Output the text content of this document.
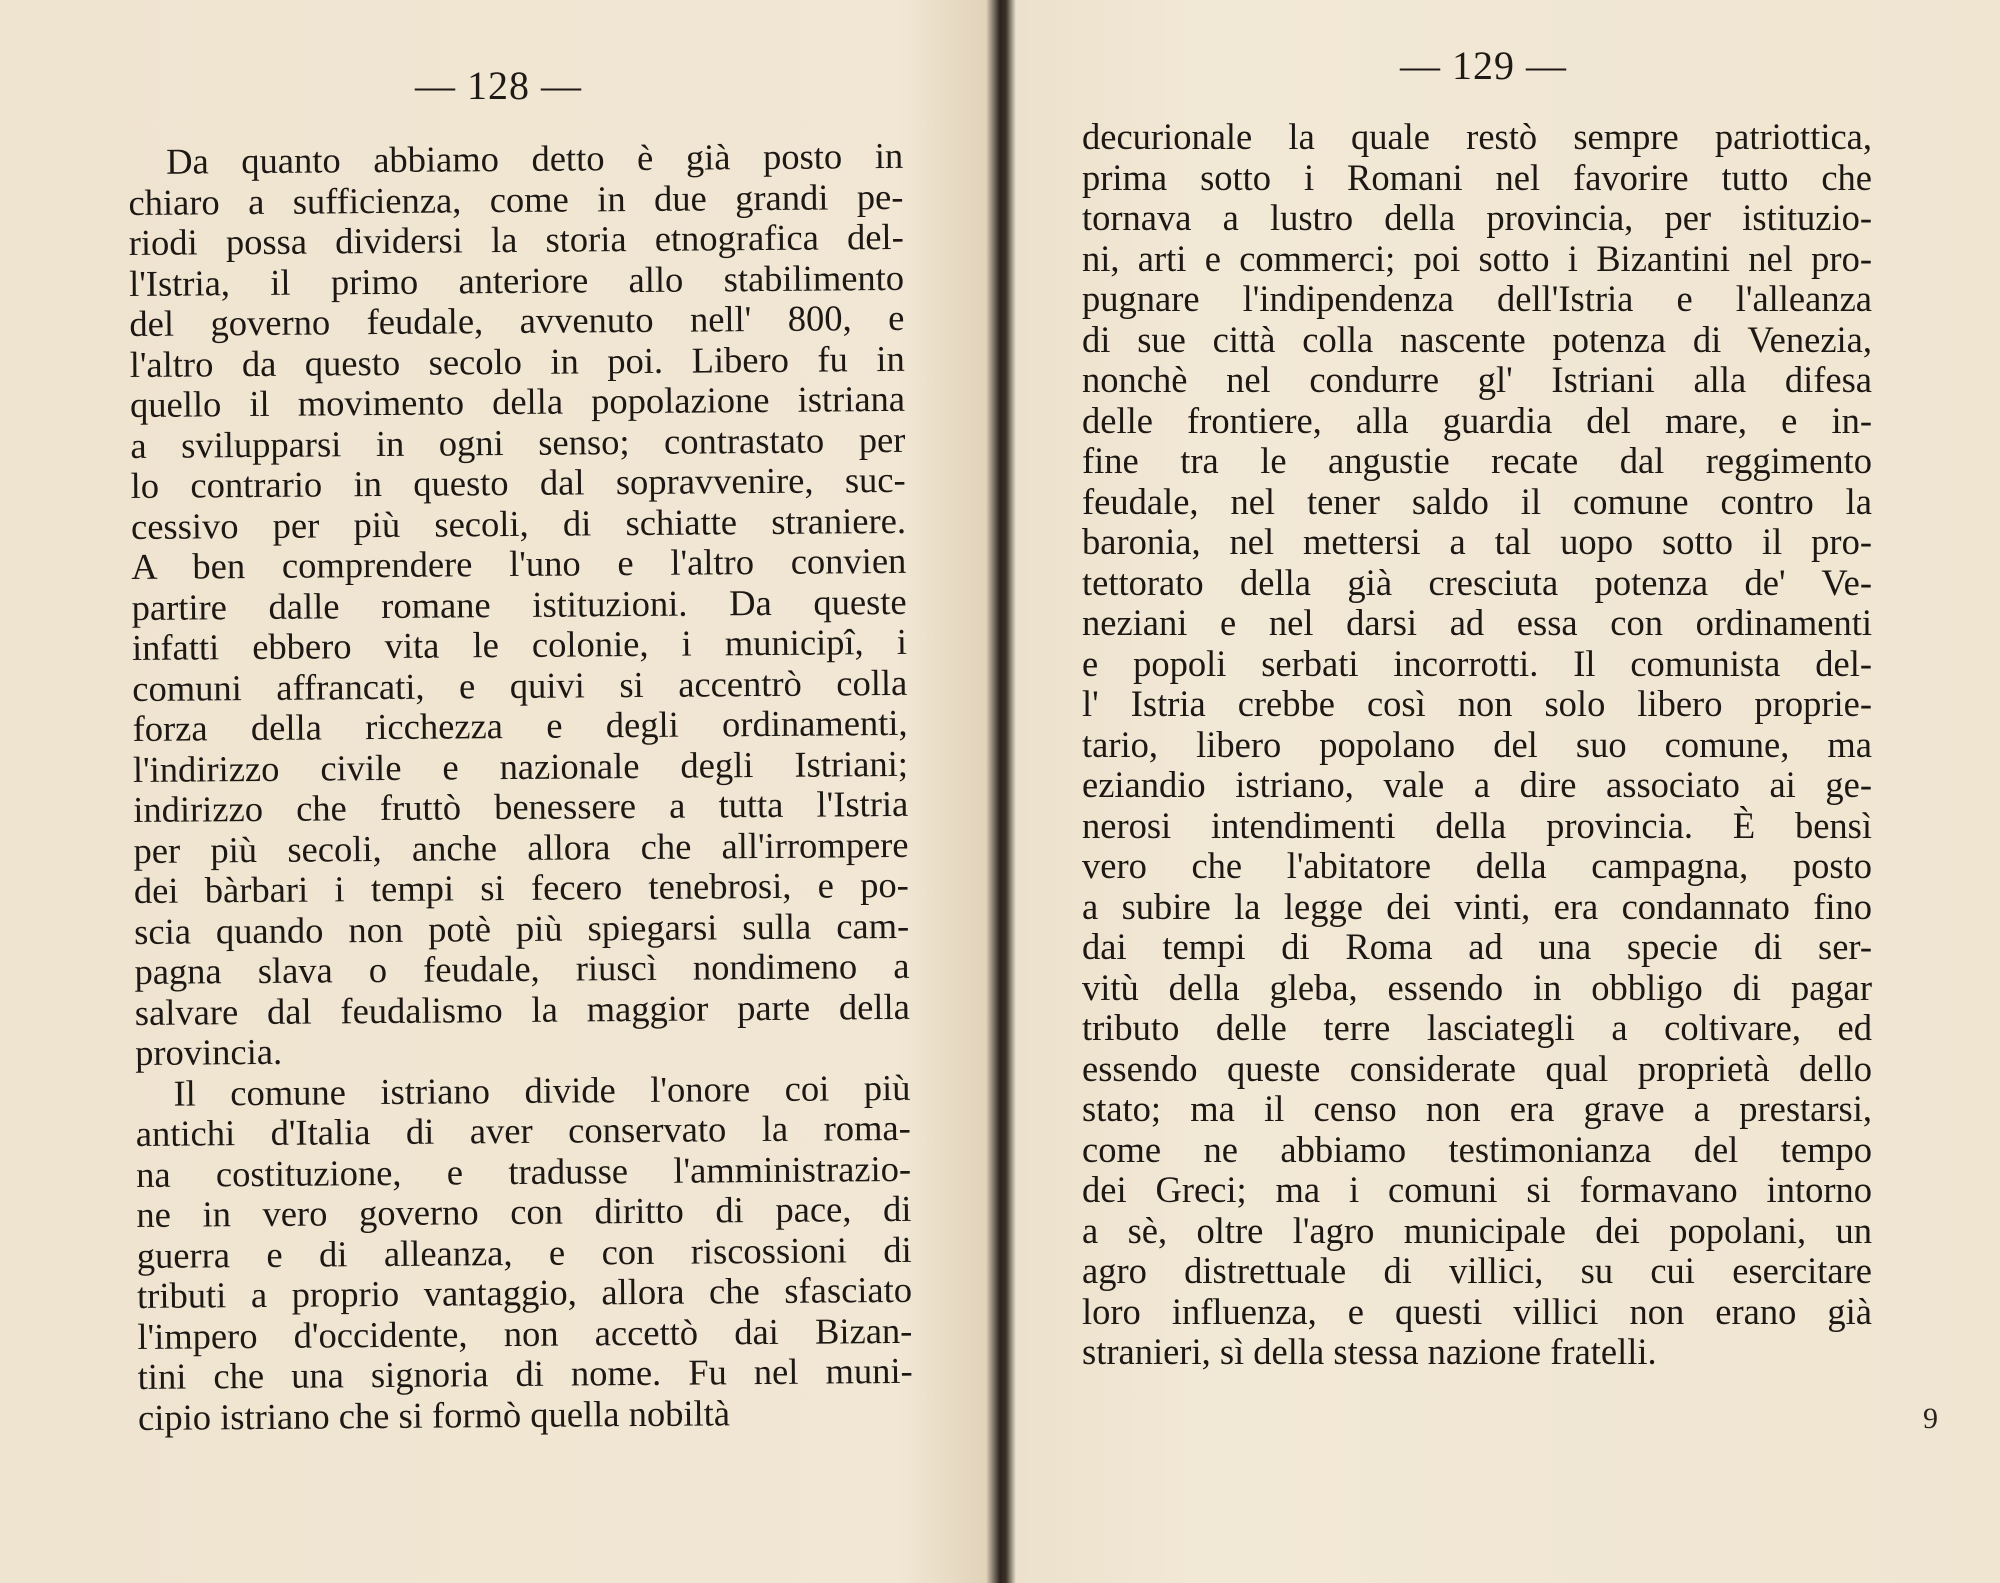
— 128 —
Da quanto abbiamo detto è già posto in
chiaro a sufficienza, come in due grandi pe-
riodi possa dividersi la storia etnografica del-
l'Istria, il primo anteriore allo stabilimento
del governo feudale, avvenuto nell' 800, e
l'altro da questo secolo in poi. Libero fu in
quello il movimento della popolazione istriana
a svilupparsi in ogni senso; contrastato per
lo contrario in questo dal sopravvenire, suc-
cessivo per più secoli, di schiatte straniere.
A ben comprendere l'uno e l'altro convien
partire dalle romane istituzioni. Da queste
infatti ebbero vita le colonie, i municipî, i
comuni affrancati, e quivi si accentrò colla
forza della ricchezza e degli ordinamenti,
l'indirizzo civile e nazionale degli Istriani;
indirizzo che fruttò benessere a tutta l'Istria
per più secoli, anche allora che all'irrompere
dei bàrbari i tempi si fecero tenebrosi, e po-
scia quando non potè più spiegarsi sulla cam-
pagna slava o feudale, riuscì nondimeno a
salvare dal feudalismo la maggior parte della
provincia.
Il comune istriano divide l'onore coi più
antichi d'Italia di aver conservato la roma-
na costituzione, e tradusse l'amministrazio-
ne in vero governo con diritto di pace, di
guerra e di alleanza, e con riscossioni di
tributi a proprio vantaggio, allora che sfasciato
l'impero d'occidente, non accettò dai Bizan-
tini che una signoria di nome. Fu nel muni-
cipio istriano che si formò quella nobiltà
— 129 —
decurionale la quale restò sempre patriottica,
prima sotto i Romani nel favorire tutto che
tornava a lustro della provincia, per istituzio-
ni, arti e commerci; poi sotto i Bizantini nel pro-
pugnare l'indipendenza dell'Istria e l'alleanza
di sue città colla nascente potenza di Venezia,
nonchè nel condurre gl' Istriani alla difesa
delle frontiere, alla guardia del mare, e in-
fine tra le angustie recate dal reggimento
feudale, nel tener saldo il comune contro la
baronia, nel mettersi a tal uopo sotto il pro-
tettorato della già cresciuta potenza de' Ve-
neziani e nel darsi ad essa con ordinamenti
e popoli serbati incorrotti. Il comunista del-
l' Istria crebbe così non solo libero proprie-
tario, libero popolano del suo comune, ma
eziandio istriano, vale a dire associato ai ge-
nerosi intendimenti della provincia. È bensì
vero che l'abitatore della campagna, posto
a subire la legge dei vinti, era condannato fino
dai tempi di Roma ad una specie di ser-
vitù della gleba, essendo in obbligo di pagar
tributo delle terre lasciategli a coltivare, ed
essendo queste considerate qual proprietà dello
stato; ma il censo non era grave a prestarsi,
come ne abbiamo testimonianza del tempo
dei Greci; ma i comuni si formavano intorno
a sè, oltre l'agro municipale dei popolani, un
agro distrettuale di villici, su cui esercitare
loro influenza, e questi villici non erano già
stranieri, sì della stessa nazione fratelli.
9
